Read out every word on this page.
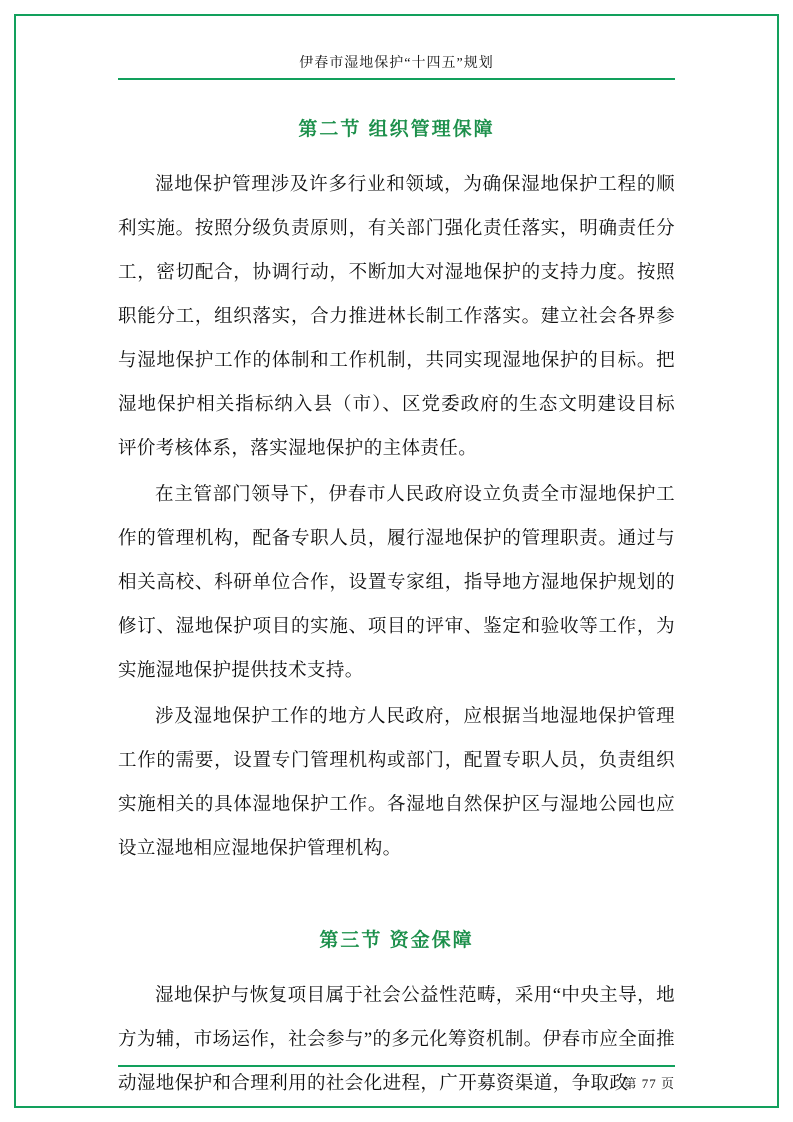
伊春市湿地保护“十四五”规划
第二节 组织管理保障

湿地保护管理涉及许多行业和领域，为确保湿地保护工程的顺利实施。按照分级负责原则，有关部门强化责任落实，明确责任分工，密切配合，协调行动，不断加大对湿地保护的支持力度。按照职能分工，组织落实，合力推进林长制工作落实。建立社会各界参与湿地保护工作的体制和工作机制，共同实现湿地保护的目标。把湿地保护相关指标纳入县（市）、区党委政府的生态文明建设目标评价考核体系，落实湿地保护的主体责任。

在主管部门领导下，伊春市人民政府设立负责全市湿地保护工作的管理机构，配备专职人员，履行湿地保护的管理职责。通过与相关高校、科研单位合作，设置专家组，指导地方湿地保护规划的修订、湿地保护项目的实施、项目的评审、鉴定和验收等工作，为实施湿地保护提供技术支持。

涉及湿地保护工作的地方人民政府，应根据当地湿地保护管理工作的需要，设置专门管理机构或部门，配置专职人员，负责组织实施相关的具体湿地保护工作。各湿地自然保护区与湿地公园也应设立湿地相应湿地保护管理机构。

第三节 资金保障

湿地保护与恢复项目属于社会公益性范畴，采用“中央主导，地方为辅，市场运作，社会参与”的多元化筹资机制。伊春市应全面推动湿地保护和合理利用的社会化进程，广开募资渠道，争取政

第 77 页
